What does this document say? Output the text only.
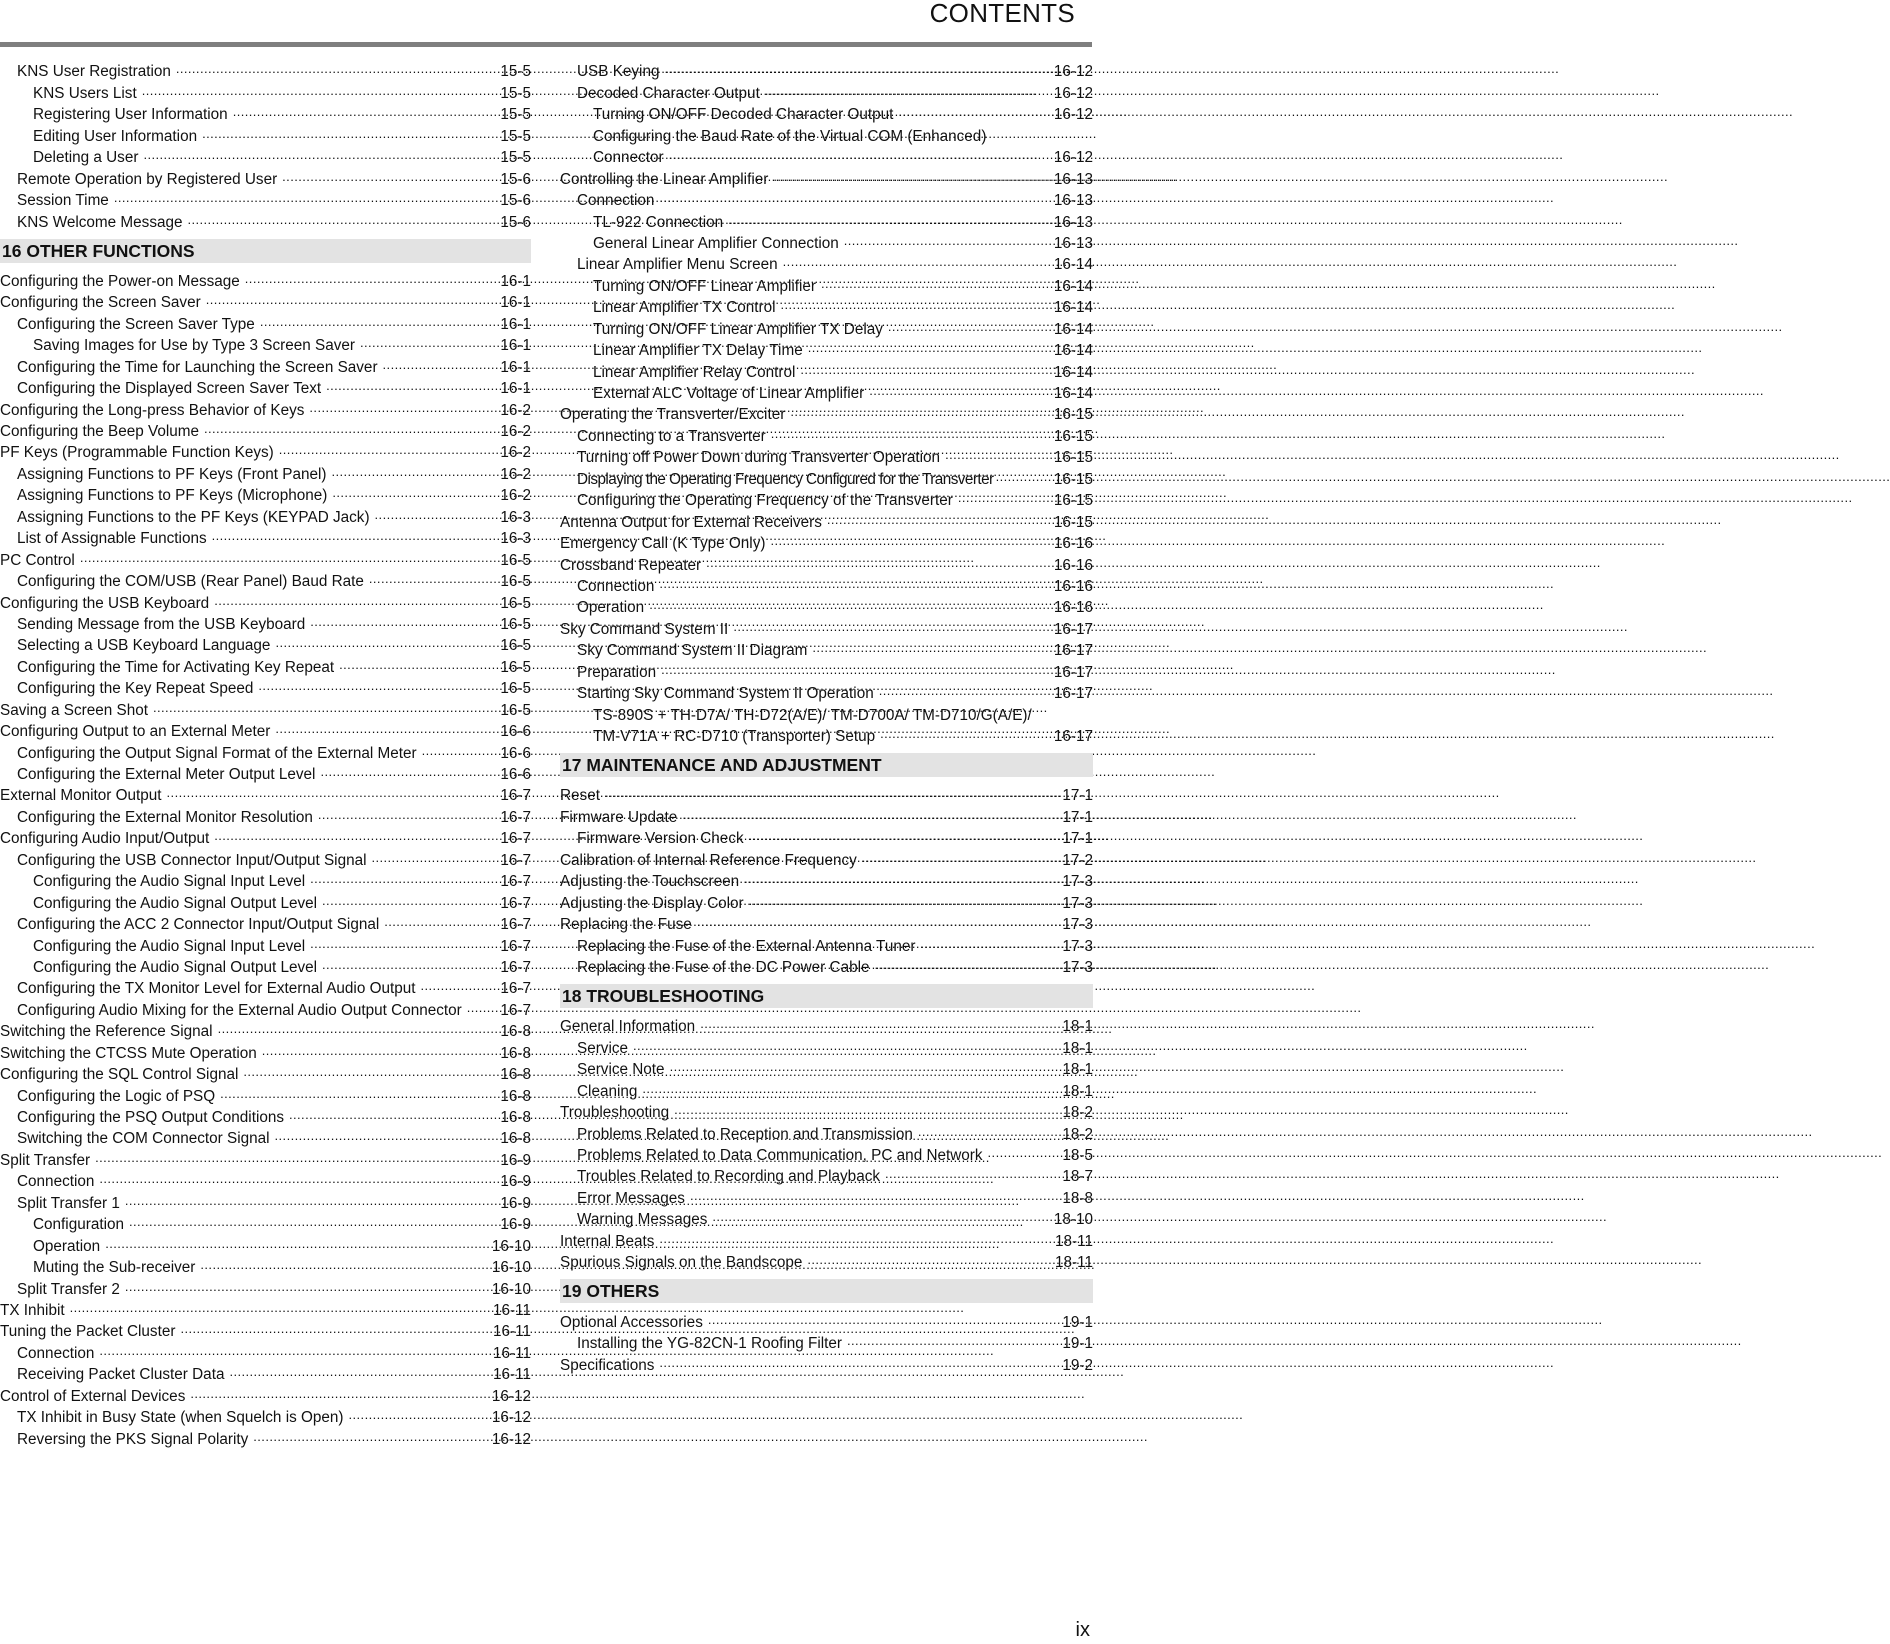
CONTENTS
KNS User Registration .....	15-5
KNS Users List .....	15-5
Registering User Information .....	15-5
Editing User Information .....	15-5
Deleting a User .....	15-5
Remote Operation by Registered User .....	15-6
Session Time .....	15-6
KNS Welcome Message .....	15-6
16 OTHER FUNCTIONS
Configuring the Power-on Message .....	16-1
Configuring the Screen Saver .....	16-1
Configuring the Screen Saver Type .....	16-1
Saving Images for Use by Type 3 Screen Saver .....	16-1
Configuring the Time for Launching the Screen Saver .....	16-1
Configuring the Displayed Screen Saver Text .....	16-1
Configuring the Long-press Behavior of Keys .....	16-2
Configuring the Beep Volume .....	16-2
PF Keys (Programmable Function Keys) .....	16-2
Assigning Functions to PF Keys (Front Panel) .....	16-2
Assigning Functions to PF Keys (Microphone) .....	16-2
Assigning Functions to the PF Keys (KEYPAD Jack) .....	16-3
List of Assignable Functions .....	16-3
PC Control .....	16-5
Configuring the COM/USB (Rear Panel) Baud Rate .....	16-5
Configuring the USB Keyboard .....	16-5
Sending Message from the USB Keyboard .....	16-5
Selecting a USB Keyboard Language .....	16-5
Configuring the Time for Activating Key Repeat .....	16-5
Configuring the Key Repeat Speed .....	16-5
Saving a Screen Shot .....	16-5
Configuring Output to an External Meter .....	16-6
Configuring the Output Signal Format of the External Meter .....	16-6
Configuring the External Meter Output Level .....	16-6
External Monitor Output .....	16-7
Configuring the External Monitor Resolution .....	16-7
Configuring Audio Input/Output .....	16-7
Configuring the USB Connector Input/Output Signal .....	16-7
Configuring the Audio Signal Input Level .....	16-7
Configuring the Audio Signal Output Level .....	16-7
Configuring the ACC 2 Connector Input/Output Signal .....	16-7
Configuring the Audio Signal Input Level .....	16-7
Configuring the Audio Signal Output Level .....	16-7
Configuring the TX Monitor Level for External Audio Output .....	16-7
Configuring Audio Mixing for the External Audio Output Connector .....	16-7
Switching the Reference Signal .....	16-8
Switching the CTCSS Mute Operation .....	16-8
Configuring the SQL Control Signal .....	16-8
Configuring the Logic of PSQ .....	16-8
Configuring the PSQ Output Conditions .....	16-8
Switching the COM Connector Signal .....	16-8
Split Transfer .....	16-9
Connection .....	16-9
Split Transfer 1 .....	16-9
Configuration .....	16-9
Operation .....	16-10
Muting the Sub-receiver .....	16-10
Split Transfer 2 .....	16-10
TX Inhibit .....	16-11
Tuning the Packet Cluster .....	16-11
Connection .....	16-11
Receiving Packet Cluster Data .....	16-11
Control of External Devices .....	16-12
TX Inhibit in Busy State (when Squelch is Open) .....	16-12
Reversing the PKS Signal Polarity .....	16-12
USB Keying .....	16-12
Decoded Character Output .....	16-12
Turning ON/OFF Decoded Character Output .....	16-12
Configuring the Baud Rate of the Virtual COM (Enhanced)
Connector .....	16-12
Controlling the Linear Amplifier .....	16-13
Connection .....	16-13
TL-922 Connection .....	16-13
General Linear Amplifier Connection .....	16-13
Linear Amplifier Menu Screen .....	16-14
Turning ON/OFF Linear Amplifier .....	16-14
Linear Amplifier TX Control .....	16-14
Turning ON/OFF Linear Amplifier TX Delay .....	16-14
Linear Amplifier TX Delay Time .....	16-14
Linear Amplifier Relay Control .....	16-14
External ALC Voltage of Linear Amplifier .....	16-14
Operating the Transverter/Exciter .....	16-15
Connecting to a Transverter .....	16-15
Turning off Power Down during Transverter Operation .....	16-15
Displaying the Operating Frequency Configured for the Transverter .....	16-15
Configuring the Operating Frequency of the Transverter .....	16-15
Antenna Output for External Receivers .....	16-15
Emergency Call (K Type Only) .....	16-16
Crossband Repeater .....	16-16
Connection .....	16-16
Operation .....	16-16
Sky Command System II .....	16-17
Sky Command System II Diagram .....	16-17
Preparation .....	16-17
Starting Sky Command System II Operation .....	16-17
TS-890S + TH-D7A/ TH-D72(A/E)/ TM-D700A/ TM-D710/G(A/E)/
TM-V71A + RC-D710 (Transporter) Setup .....	16-17
17 MAINTENANCE AND ADJUSTMENT
Reset .....	17-1
Firmware Update .....	17-1
Firmware Version Check .....	17-1
Calibration of Internal Reference Frequency .....	17-2
Adjusting the Touchscreen .....	17-3
Adjusting the Display Color .....	17-3
Replacing the Fuse .....	17-3
Replacing the Fuse of the External Antenna Tuner .....	17-3
Replacing the Fuse of the DC Power Cable .....	17-3
18 TROUBLESHOOTING
General Information .....	18-1
Service .....	18-1
Service Note .....	18-1
Cleaning .....	18-1
Troubleshooting .....	18-2
Problems Related to Reception and Transmission .....	18-2
Problems Related to Data Communication, PC and Network .....	18-5
Troubles Related to Recording and Playback .....	18-7
Error Messages .....	18-8
Warning Messages .....	18-10
Internal Beats .....	18-11
Spurious Signals on the Bandscope .....	18-11
19 OTHERS
Optional Accessories .....	19-1
Installing the YG-82CN-1 Roofing Filter .....	19-1
Specifications .....	19-2
ix
